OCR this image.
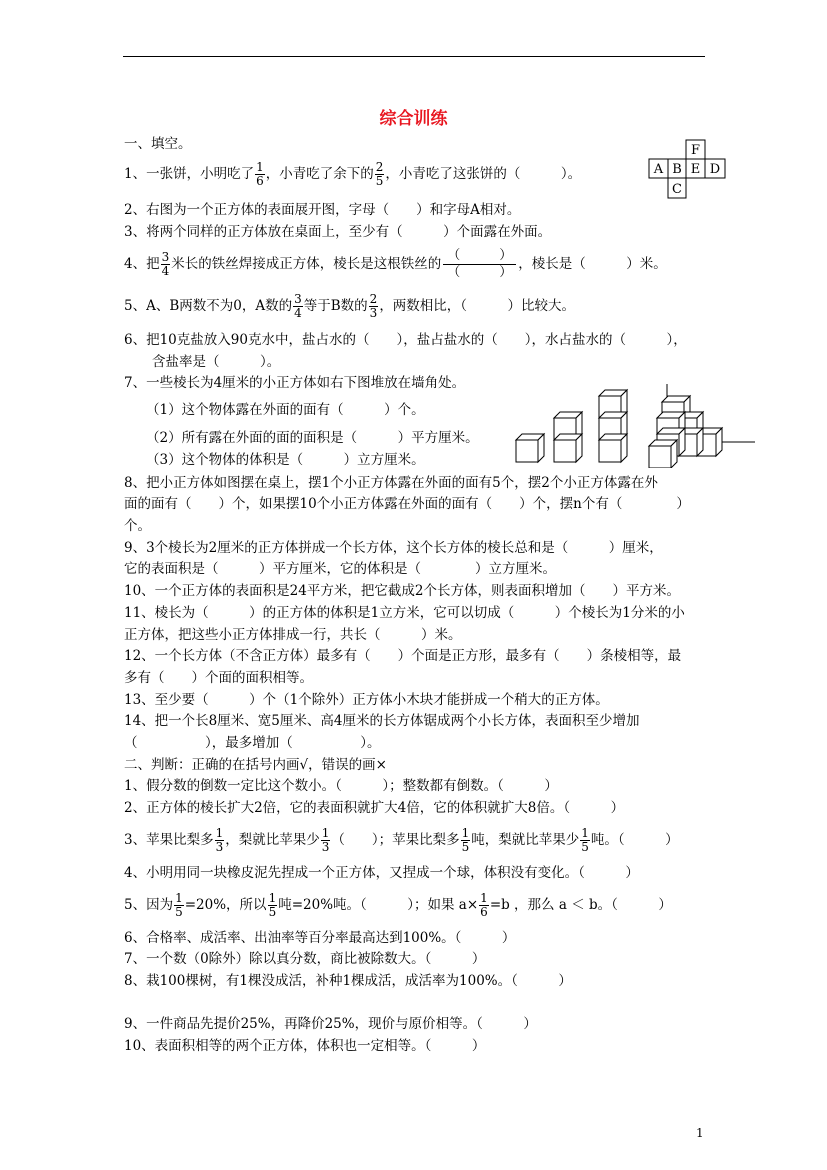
综合训练
一、填空。
1、一张饼，小明吃了 $\frac{1}{6}$ ，小青吃了余下的 $\frac{2}{5}$ ，小青吃了这张饼的（　　　）。
2、右图为一个正方体的表面展开图，字母（　　）和字母A相对。
3、将两个同样的正方体放在桌面上，至少有（　　　）个面露在外面。
4、把 $\frac{3}{4}$ 米长的铁丝焊接成正方体，棱长是这根铁丝的
（　　　）
（　　　）
，棱长是（　　　）米。
5、A、B两数不为0，A数的 $\frac{3}{4}$ 等于B数的 $\frac{2}{3}$ ，两数相比，（　　　）比较大。
6、把10克盐放入90克水中，盐占水的（　　），盐占盐水的（　　），水占盐水的（　　　），
含盐率是（　　　）。
7、一些棱长为4厘米的小正方体如右下图堆放在墙角处。
（1）这个物体露在外面的面有（　　　）个。
（2）所有露在外面的面的面积是（　　　）平方厘米。
（3）这个物体的体积是（　　　）立方厘米。
8、把小正方体如图摆在桌上，摆1个小正方体露在外面的面有5个，摆2个小正方体露在外
面的面有（　　）个，如果摆10个小正方体露在外面的面有（　　）个，摆n个有（　　　　）
个。
9、3个棱长为2厘米的正方体拼成一个长方体，这个长方体的棱长总和是（　　　）厘米，
它的表面积是（　　　）平方厘米，它的体积是（　　　　）立方厘米。
10、一个正方体的表面积是24平方米，把它截成2个长方体，则表面积增加（　　）平方米。
11、棱长为（　　　）的正方体的体积是1立方米，它可以切成（　　　）个棱长为1分米的小
正方体，把这些小正方体排成一行，共长（　　　）米。
12、一个长方体（不含正方体）最多有（　　）个面是正方形，最多有（　　）条棱相等，最
多有（　　）个面的面积相等。
13、至少要（　　　）个（1个除外）正方体小木块才能拼成一个稍大的正方体。
14、把一个长8厘米、宽5厘米、高4厘米的长方体锯成两个小长方体，表面积至少增加
（　　　　　），最多增加（　　　　　）。
二、判断：正确的在括号内画√，错误的画×
1、假分数的倒数一定比这个数小。（　　　）；整数都有倒数。（　　　）
2、正方体的棱长扩大2倍，它的表面积就扩大4倍，它的体积就扩大8倍。（　　　）
3、苹果比梨多 $\frac{1}{3}$ ，梨就比苹果少 $\frac{1}{3}$ （　　）；苹果比梨多 $\frac{1}{5}$ 吨，梨就比苹果少 $\frac{1}{5}$ 吨。（　　　）
4、小明用同一块橡皮泥先捏成一个正方体，又捏成一个球，体积没有变化。（　　　）
5、因为 $\frac{1}{5} =20\%$，所以 $\frac{1}{5}$ 吨=20%吨。（　　　）；如果 $a\times \frac{1}{6} =b$ ，那么 a ＜ b。（　　　）
6、合格率、成活率、出油率等百分率最高达到100%。（　　　）
7、一个数（0除外）除以真分数，商比被除数大。（　　　）
8、栽100棵树，有1棵没成活，补种1棵成活，成活率为100%。（　　　）
9、一件商品先提价25%，再降价25%，现价与原价相等。（　　　）
10、表面积相等的两个正方体，体积也一定相等。（　　　）
1
F
A B E D
C
